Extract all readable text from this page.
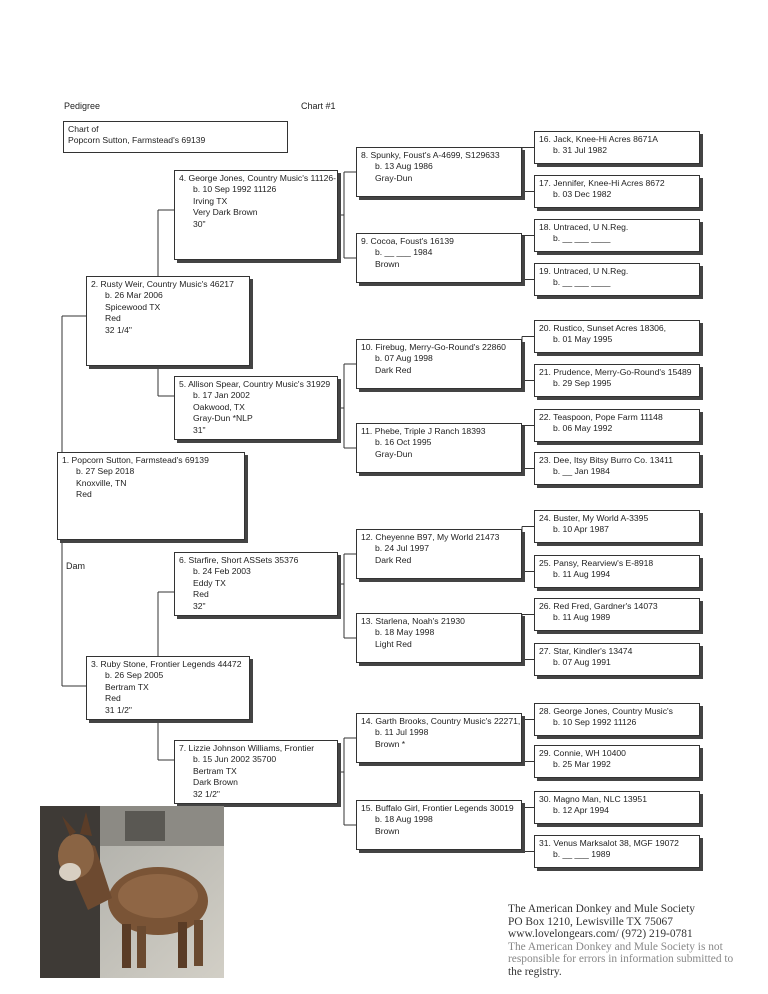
Pedigree	Chart #1
Chart of
Popcorn Sutton, Farmstead's 69139
Dam
1. Popcorn Sutton, Farmstead's 69139
b. 27 Sep 2018
Knoxville, TN
Red
2. Rusty Weir, Country Music's 46217
b. 26 Mar 2006
Spicewood TX
Red
32 1/4"
3. Ruby Stone, Frontier Legends 44472
b. 26 Sep 2005
Bertram TX
Red
31 1/2"
4. George Jones, Country Music's 11126-
b. 10 Sep 1992 11126
Irving TX
Very Dark Brown
30"
5. Allison Spear, Country Music's 31929
b. 17 Jan 2002
Oakwood, TX
Gray-Dun *NLP
31"
6. Starfire, Short ASSets 35376
b. 24 Feb 2003
Eddy TX
Red
32"
7. Lizzie Johnson Williams, Frontier
b. 15 Jun 2002 35700
Bertram TX
Dark Brown
32 1/2"
8. Spunky, Foust's A-4699, S129633
b. 13 Aug 1986
Gray-Dun
9. Cocoa, Foust's 16139
b. __ ___ 1984
Brown
10. Firebug, Merry-Go-Round's 22860
b. 07 Aug 1998
Dark Red
11. Phebe, Triple J Ranch 18393
b. 16 Oct 1995
Gray-Dun
12. Cheyenne B97, My World 21473
b. 24 Jul 1997
Dark Red
13. Starlena, Noah's 21930
b. 18 May 1998
Light Red
14. Garth Brooks, Country Music's 22271,
b. 11 Jul 1998
Brown *
15. Buffalo Girl, Frontier Legends 30019
b. 18 Aug 1998
Brown
16. Jack, Knee-Hi Acres 8671A
b. 31 Jul 1982
17. Jennifer, Knee-Hi Acres 8672
b. 03 Dec 1982
18. Untraced, U N.Reg.
b. __ ___ ____
19. Untraced, U N.Reg.
b. __ ___ ____
20. Rustico, Sunset Acres 18306,
b. 01 May 1995
21. Prudence, Merry-Go-Round's 15489
b. 29 Sep 1995
22. Teaspoon, Pope Farm 11148
b. 06 May 1992
23. Dee, Itsy Bitsy Burro Co. 13411
b. __ Jan 1984
24. Buster, My World A-3395
b. 10 Apr 1987
25. Pansy, Rearview's E-8918
b. 11 Aug 1994
26. Red Fred, Gardner's 14073
b. 11 Aug 1989
27. Star, Kindler's 13474
b. 07 Aug 1991
28. George Jones, Country Music's
b. 10 Sep 1992 11126
29. Connie, WH 10400
b. 25 Mar 1992
30. Magno Man, NLC 13951
b. 12 Apr 1994
31. Venus Marksalot 38, MGF 19072
b. __ ___ 1989
The American Donkey and Mule Society
PO Box 1210, Lewisville TX 75067
www.lovelongears.com/ (972) 219-0781
The American Donkey and Mule Society is not
responsible for errors in information submitted to
the registry.
